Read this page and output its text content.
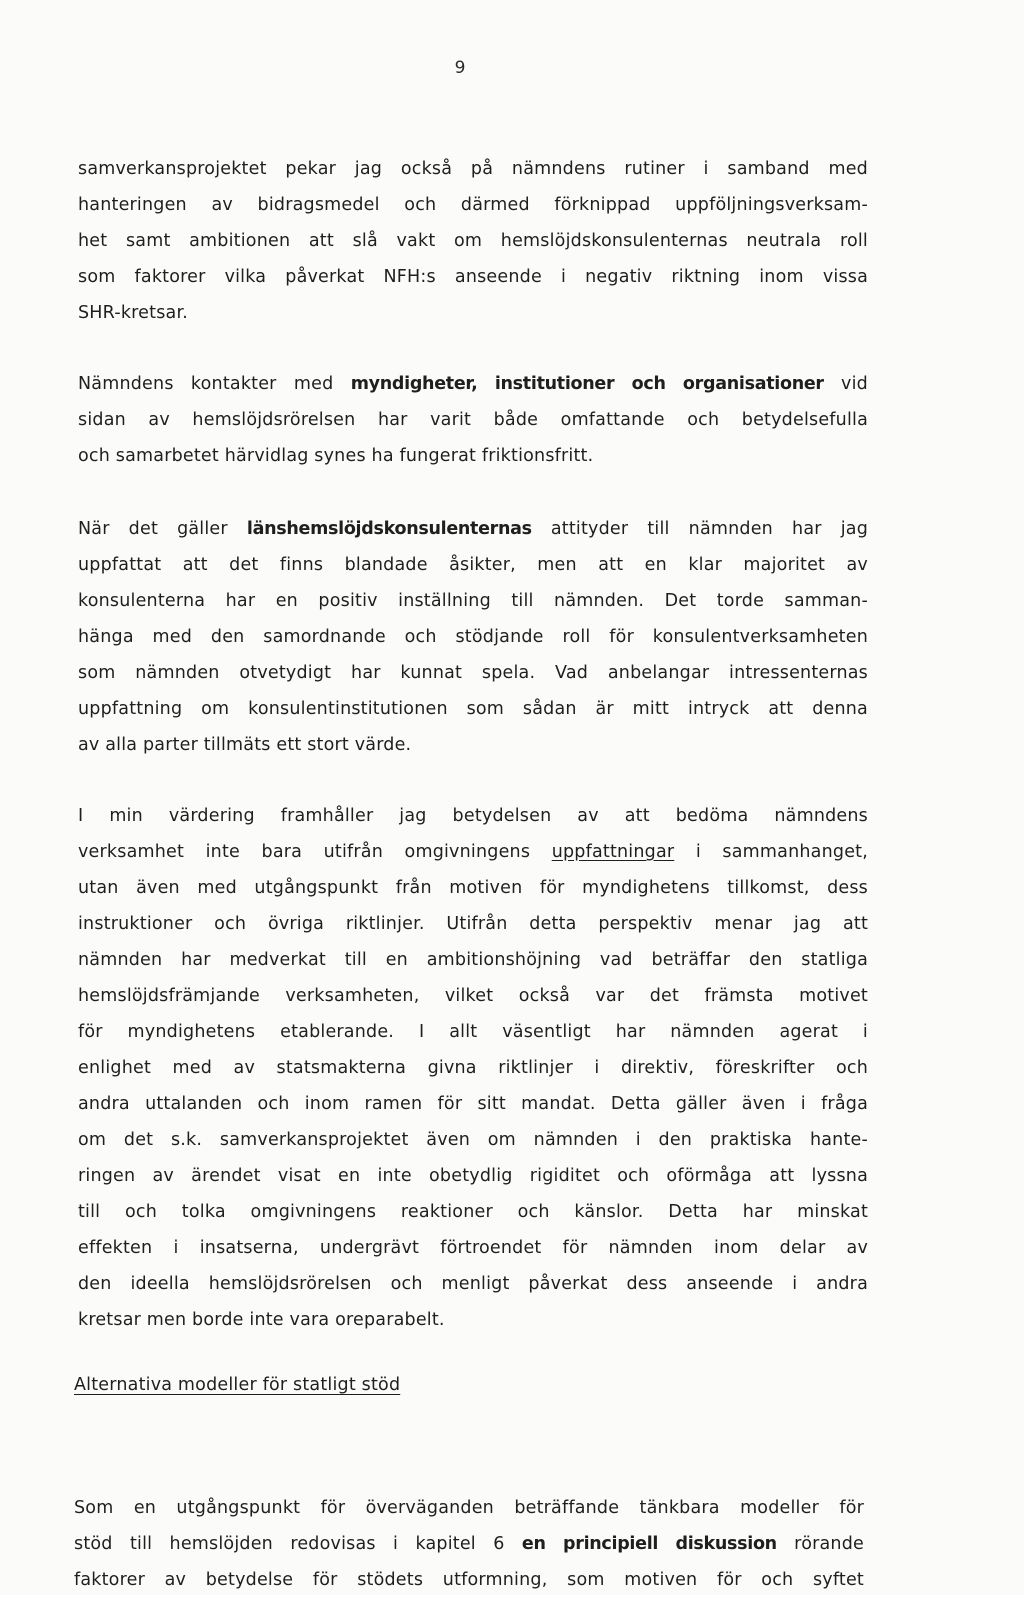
9
samverkansprojektet pekar jag också på nämndens rutiner i samband med
hanteringen av bidragsmedel och därmed förknippad uppföljningsverksam-
het samt ambitionen att slå vakt om hemslöjdskonsulenternas neutrala roll
som faktorer vilka påverkat NFH:s anseende i negativ riktning inom vissa
SHR-kretsar.
Nämndens kontakter med myndigheter, institutioner och organisationer vid
sidan av hemslöjdsrörelsen har varit både omfattande och betydelsefulla
och samarbetet härvidlag synes ha fungerat friktionsfritt.
När det gäller länshemslöjdskonsulenternas attityder till nämnden har jag
uppfattat att det finns blandade åsikter, men att en klar majoritet av
konsulenterna har en positiv inställning till nämnden. Det torde samman-
hänga med den samordnande och stödjande roll för konsulentverksamheten
som nämnden otvetydigt har kunnat spela. Vad anbelangar intressenternas
uppfattning om konsulentinstitutionen som sådan är mitt intryck att denna
av alla parter tillmäts ett stort värde.
I min värdering framhåller jag betydelsen av att bedöma nämndens
verksamhet inte bara utifrån omgivningens uppfattningar i sammanhanget,
utan även med utgångspunkt från motiven för myndighetens tillkomst, dess
instruktioner och övriga riktlinjer. Utifrån detta perspektiv menar jag att
nämnden har medverkat till en ambitionshöjning vad beträffar den statliga
hemslöjdsfrämjande verksamheten, vilket också var det främsta motivet
för myndighetens etablerande. I allt väsentligt har nämnden agerat i
enlighet med av statsmakterna givna riktlinjer i direktiv, föreskrifter och
andra uttalanden och inom ramen för sitt mandat. Detta gäller även i fråga
om det s.k. samverkansprojektet även om nämnden i den praktiska hante-
ringen av ärendet visat en inte obetydlig rigiditet och oförmåga att lyssna
till och tolka omgivningens reaktioner och känslor. Detta har minskat
effekten i insatserna, undergrävt förtroendet för nämnden inom delar av
den ideella hemslöjdsrörelsen och menligt påverkat dess anseende i andra
kretsar men borde inte vara oreparabelt.
Alternativa modeller för statligt stöd
Som en utgångspunkt för överväganden beträffande tänkbara modeller för
stöd till hemslöjden redovisas i kapitel 6 en principiell diskussion rörande
faktorer av betydelse för stödets utformning, som motiven för och syftet
